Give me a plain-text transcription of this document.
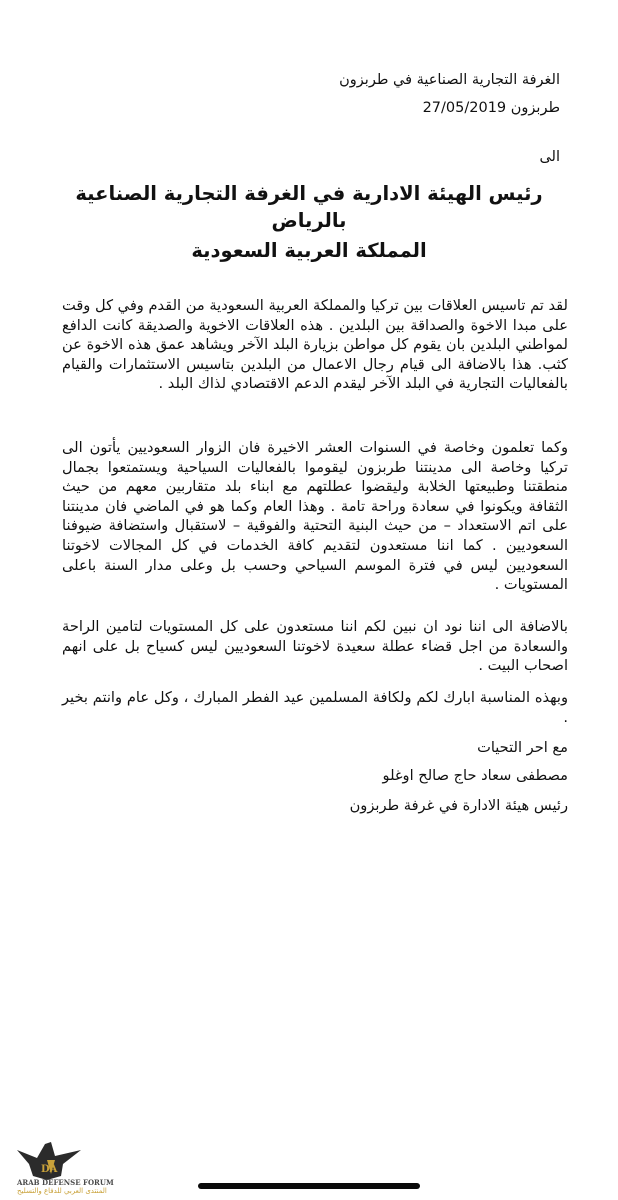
الغرفة التجارية الصناعية في طربزون
طربزون 27/05/2019
الى
رئيس الهيئة الادارية في الغرفة التجارية الصناعية
بالرياض
المملكة العربية السعودية
لقد تم تاسيس العلاقات بين تركيا والمملكة العربية السعودية من القدم وفي كل وقت على مبدا الاخوة والصداقة بين البلدين . هذه العلاقات الاخوية والصديقة كانت الدافع لمواطني البلدين بان يقوم كل مواطن بزيارة البلد الآخر ويشاهد عمق هذه الاخوة عن كثب. هذا بالاضافة الى قيام رجال الاعمال من البلدين بتاسيس الاستثمارات والقيام بالفعاليات التجارية في البلد الآخر ليقدم الدعم الاقتصادي لذاك البلد .
وكما تعلمون وخاصة في السنوات العشر الاخيرة فان الزوار السعوديين يأتون الى تركيا وخاصة الى مدينتنا طربزون ليقوموا بالفعاليات السياحية ويستمتعوا بجمال منطقتنا وطبيعتها الخلابة وليقضوا عطلتهم مع ابناء بلد متقاربين معهم من حيث الثقافة ويكونوا في سعادة وراحة تامة . وهذا العام وكما هو في الماضي فان مدينتنا على اتم الاستعداد – من حيث البنية التحتية والفوقية – لاستقبال واستضافة ضيوفنا السعوديين . كما اننا مستعدون لتقديم كافة الخدمات في كل المجالات لاخوتنا السعوديين ليس في فترة الموسم السياحي وحسب بل وعلى مدار السنة باعلى المستويات .
بالاضافة الى اننا نود ان نبين لكم اننا مستعدون على كل المستويات لتامين الراحة والسعادة من اجل قضاء عطلة سعيدة لاخوتنا السعوديين ليس كسياح بل على انهم اصحاب البيت .
وبهذه المناسبة ابارك لكم ولكافة المسلمين عيد الفطر المبارك ، وكل عام وانتم بخير .
مع احر التحيات
مصطفى سعاد حاج صالح اوغلو
رئيس هيئة الادارة في غرفة طربزون
DA
ARAB DEFENSE FORUM
المنتدى العربي للدفاع والتسليح
